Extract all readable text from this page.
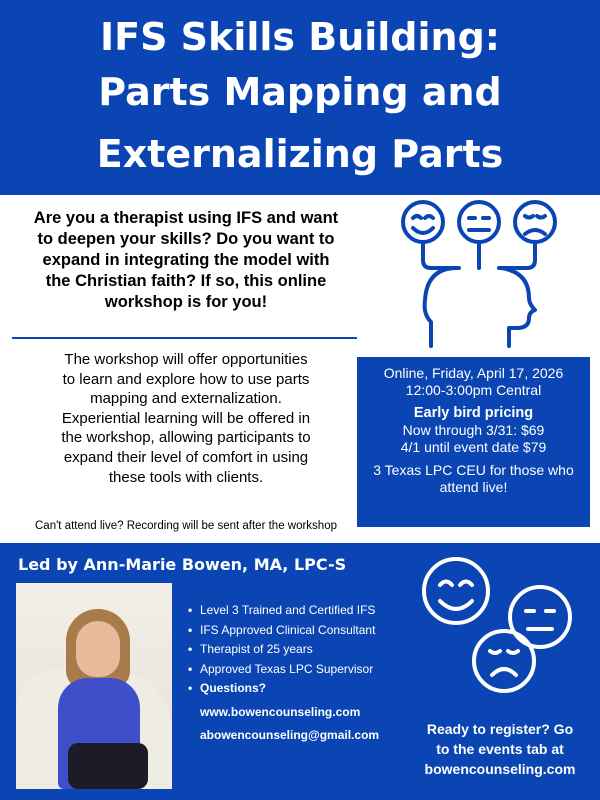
IFS Skills Building:
Parts Mapping and
Externalizing Parts
Are you a therapist using IFS and want
to deepen your skills? Do you want to
expand in integrating the model with
the Christian faith? If so, this online
workshop is for you!
The workshop will offer opportunities
to learn and explore how to use parts
mapping and externalization.
Experiential learning will be offered in
the workshop, allowing participants to
expand their level of comfort in using
these tools with clients.
Can't attend live? Recording will be sent after the workshop
Online, Friday, April 17, 2026
12:00-3:00pm Central
Early bird pricing
Now through 3/31: $69
4/1 until event date $79
3 Texas LPC CEU for those who
attend live!
Led by Ann-Marie Bowen, MA, LPC-S
• Level 3 Trained and Certified IFS
• IFS Approved Clinical Consultant
• Therapist of 25 years
• Approved Texas LPC Supervisor
• Questions?
www.bowencounseling.com
abowencounseling@gmail.com	Ready to register? Go
to the events tab at
bowencounseling.com
